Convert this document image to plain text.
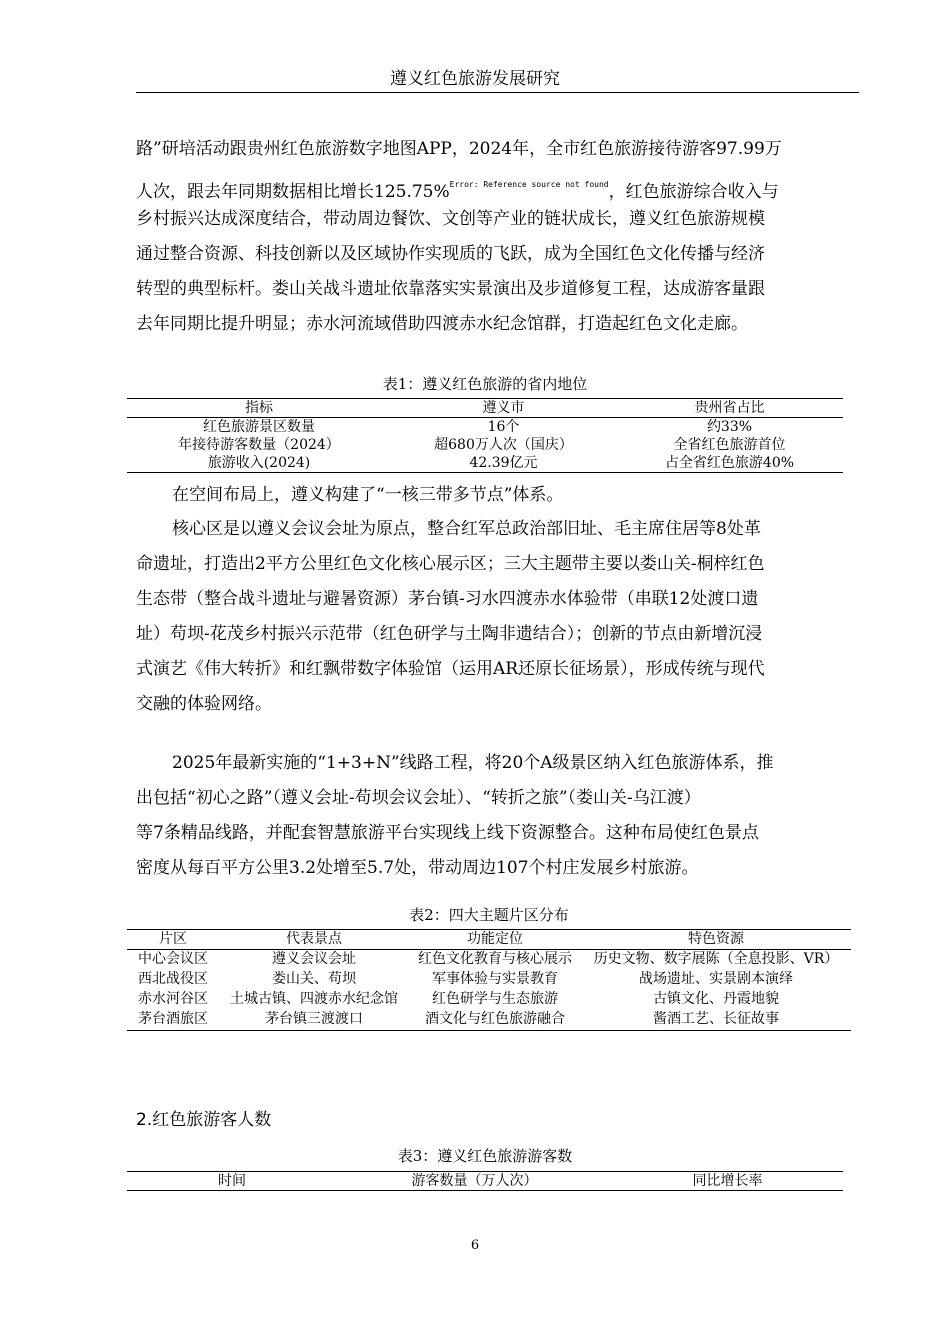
遵义红色旅游发展研究
路”研培活动跟贵州红色旅游数字地图APP，2024年，全市红色旅游接待游客97.99万
人次，跟去年同期数据相比增长125.75%$^{Error: Reference source not found}$，红色旅游综合收入与
乡村振兴达成深度结合，带动周边餐饮、文创等产业的链状成长，遵义红色旅游规模
通过整合资源、科技创新以及区域协作实现质的飞跃，成为全国红色文化传播与经济
转型的典型标杆。娄山关战斗遗址依靠落实实景演出及步道修复工程，达成游客量跟
去年同期比提升明显；赤水河流域借助四渡赤水纪念馆群，打造起红色文化走廊。
表1：遵义红色旅游的省内地位
指标	遵义市	贵州省占比
红色旅游景区数量	16个	约33%
年接待游客数量（2024）	超680万人次（国庆）	全省红色旅游首位
旅游收入(2024)	42.39亿元	占全省红色旅游40%
在空间布局上，遵义构建了“一核三带多节点”体系。
核心区是以遵义会议会址为原点，整合红军总政治部旧址、毛主席住居等8处革
命遗址，打造出2平方公里红色文化核心展示区；三大主题带主要以娄山关-桐梓红色
生态带（整合战斗遗址与避暑资源）茅台镇-习水四渡赤水体验带（串联12处渡口遗
址）苟坝-花茂乡村振兴示范带（红色研学与土陶非遗结合）；创新的节点由新增沉浸
式演艺《伟大转折》和红飘带数字体验馆（运用AR还原长征场景），形成传统与现代
交融的体验网络。
2025年最新实施的“1+3+N”线路工程，将20个A级景区纳入红色旅游体系，推
出包括“初心之路”（遵义会址-苟坝会议会址）、“转折之旅”（娄山关-乌江渡）
等7条精品线路，并配套智慧旅游平台实现线上线下资源整合。这种布局使红色景点
密度从每百平方公里3.2处增至5.7处，带动周边107个村庄发展乡村旅游。
表2：四大主题片区分布
片区	代表景点	功能定位	特色资源
中心会议区	遵义会议会址	红色文化教育与核心展示	历史文物、数字展陈（全息投影、VR）
西北战役区	娄山关、苟坝	军事体验与实景教育	战场遗址、实景剧本演绎
赤水河谷区	土城古镇、四渡赤水纪念馆	红色研学与生态旅游	古镇文化、丹霞地貌
茅台酒旅区	茅台镇三渡渡口	酒文化与红色旅游融合	酱酒工艺、长征故事
2.红色旅游客人数
表3：遵义红色旅游游客数
时间	游客数量（万人次）	同比增长率
6
